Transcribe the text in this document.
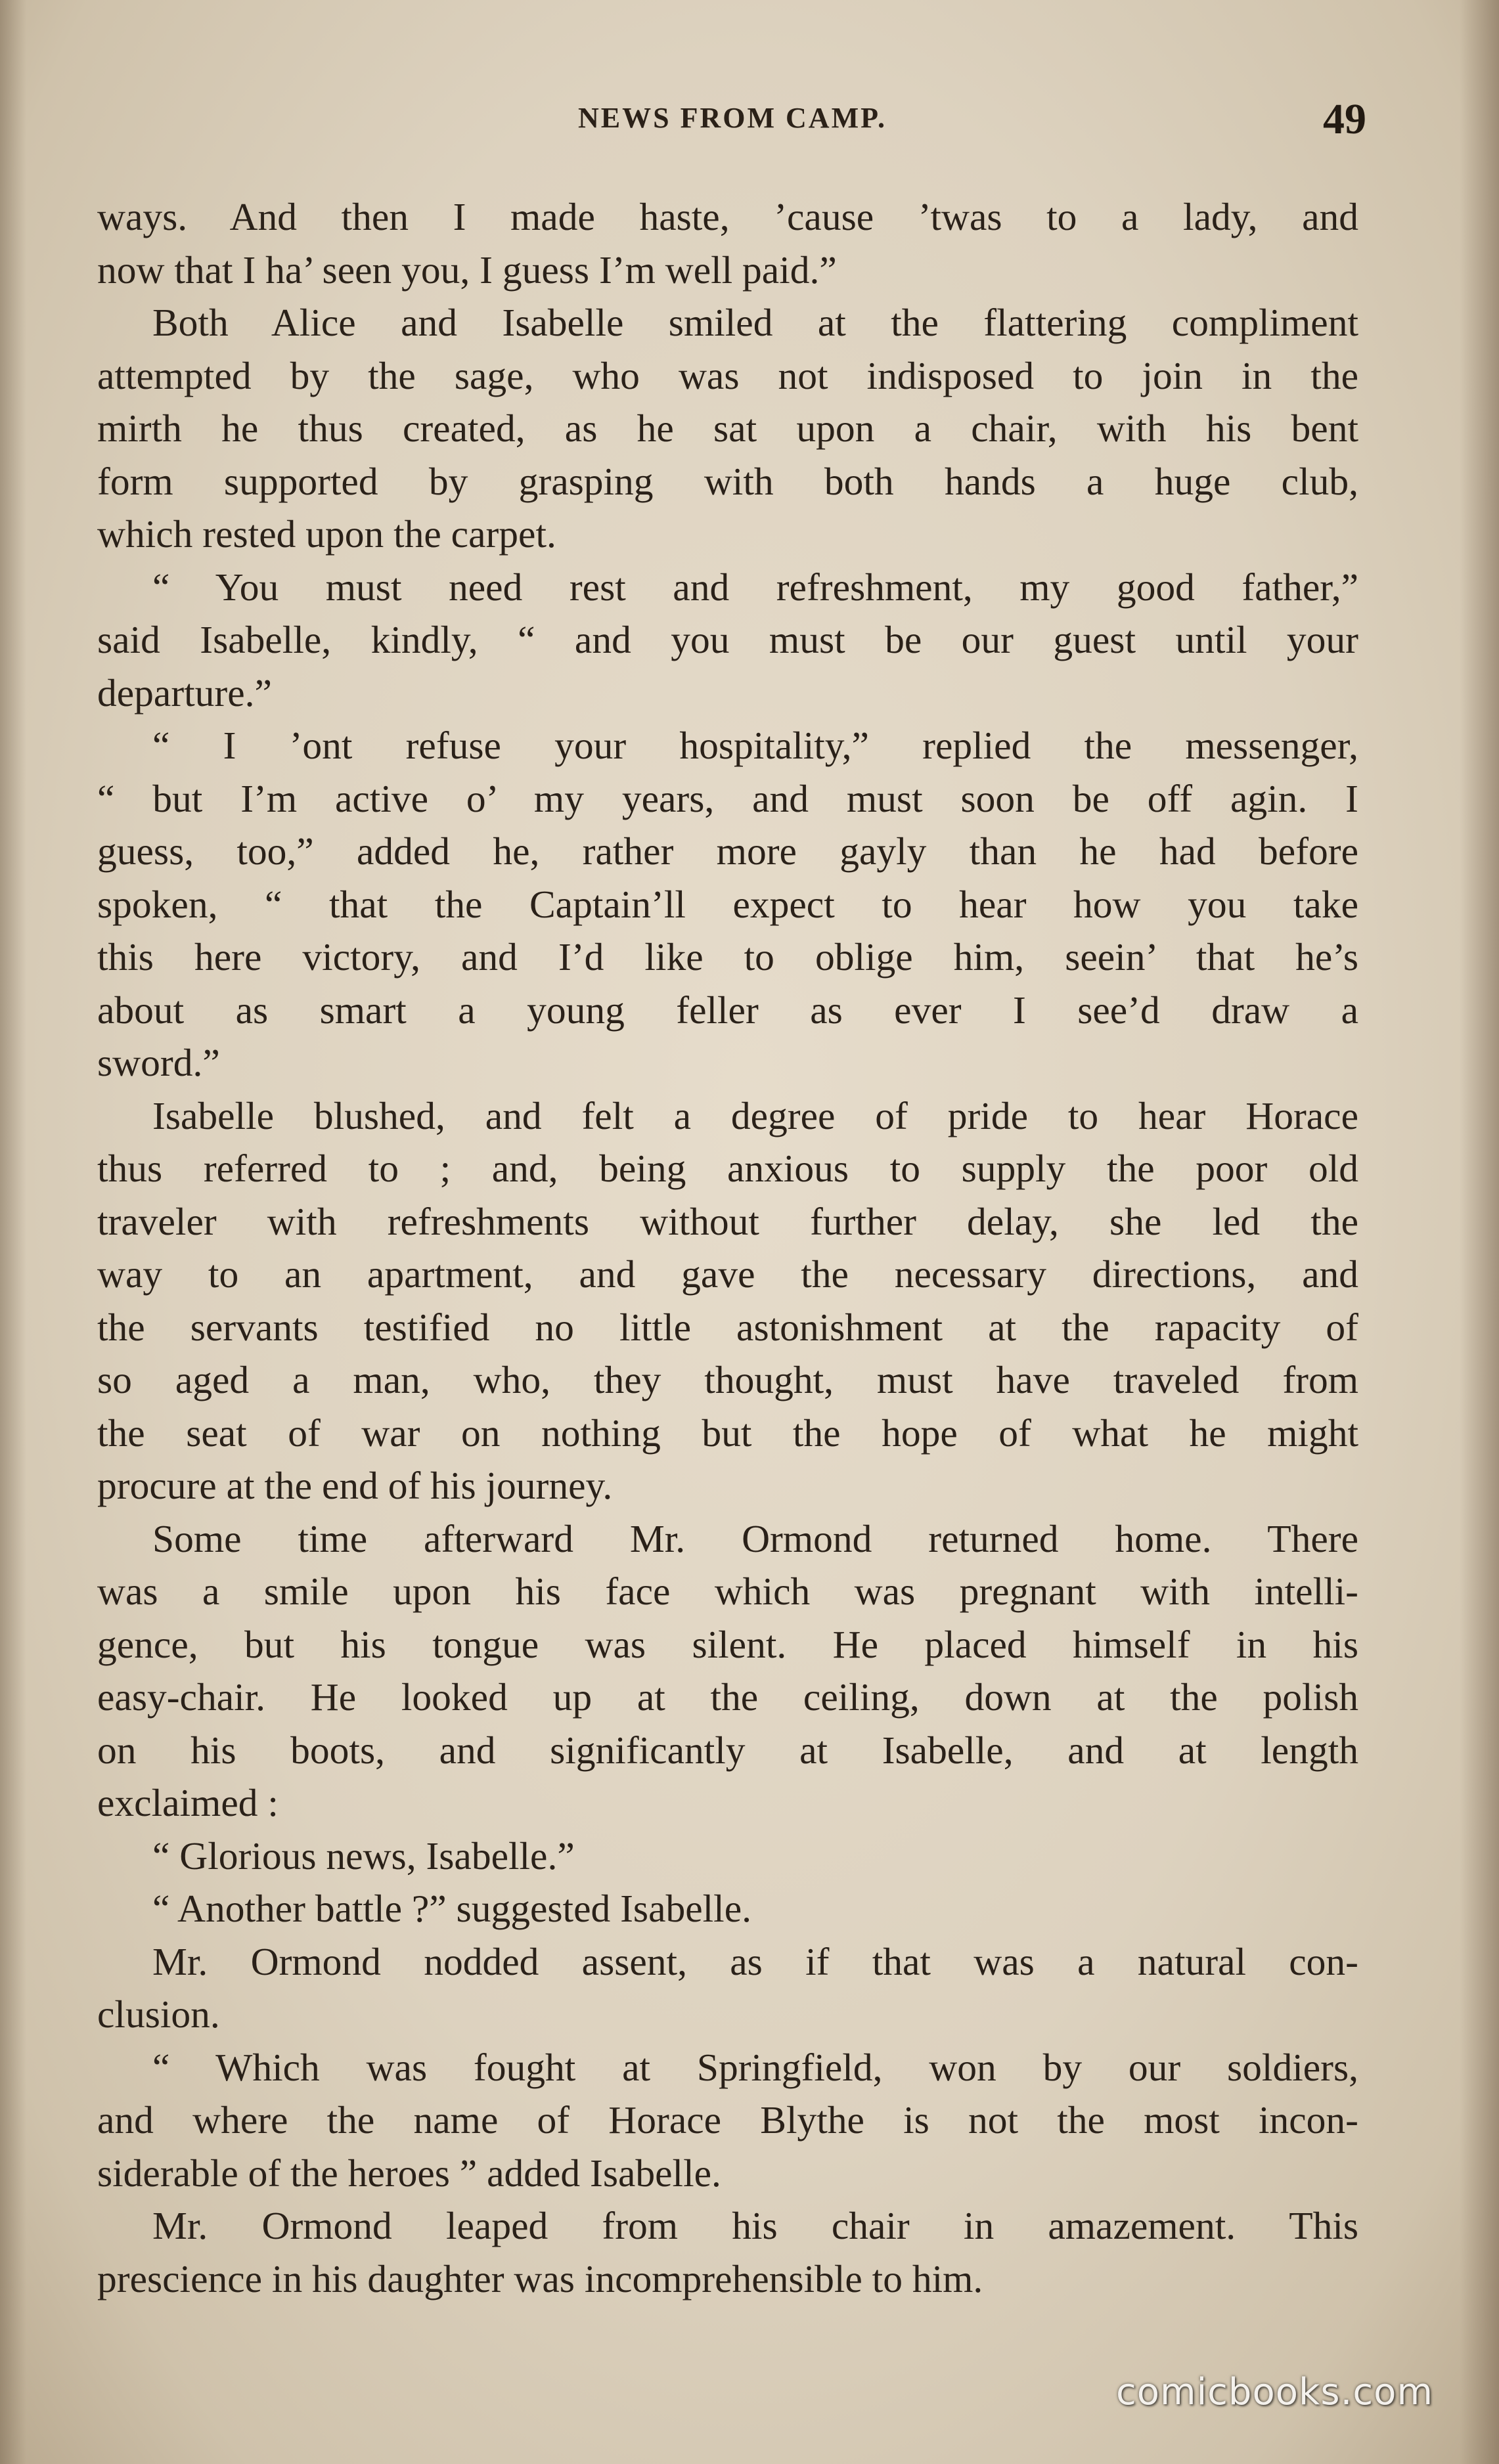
NEWS FROM CAMP.	49
ways. And then I made haste, ’cause ’twas to a lady, and
now that I ha’ seen you, I guess I’m well paid.”
Both Alice and Isabelle smiled at the flattering compliment
attempted by the sage, who was not indisposed to join in the
mirth he thus created, as he sat upon a chair, with his bent
form supported by grasping with both hands a huge club,
which rested upon the carpet.
“ You must need rest and refreshment, my good father,”
said Isabelle, kindly, “ and you must be our guest until your
departure.”
“ I ’ont refuse your hospitality,” replied the messenger,
“ but I’m active o’ my years, and must soon be off agin. I
guess, too,” added he, rather more gayly than he had before
spoken, “ that the Captain’ll expect to hear how you take
this here victory, and I’d like to oblige him, seein’ that he’s
about as smart a young feller as ever I see’d draw a
sword.”
Isabelle blushed, and felt a degree of pride to hear Horace
thus referred to ; and, being anxious to supply the poor old
traveler with refreshments without further delay, she led the
way to an apartment, and gave the necessary directions, and
the servants testified no little astonishment at the rapacity of
so aged a man, who, they thought, must have traveled from
the seat of war on nothing but the hope of what he might
procure at the end of his journey.
Some time afterward Mr. Ormond returned home. There
was a smile upon his face which was pregnant with intelli-
gence, but his tongue was silent. He placed himself in his
easy-chair. He looked up at the ceiling, down at the polish
on his boots, and significantly at Isabelle, and at length
exclaimed :
“ Glorious news, Isabelle.”
“ Another battle ?” suggested Isabelle.
Mr. Ormond nodded assent, as if that was a natural con-
clusion.
“ Which was fought at Springfield, won by our soldiers,
and where the name of Horace Blythe is not the most incon-
siderable of the heroes ” added Isabelle.
Mr. Ormond leaped from his chair in amazement. This
prescience in his daughter was incomprehensible to him.
comicbooks.com
